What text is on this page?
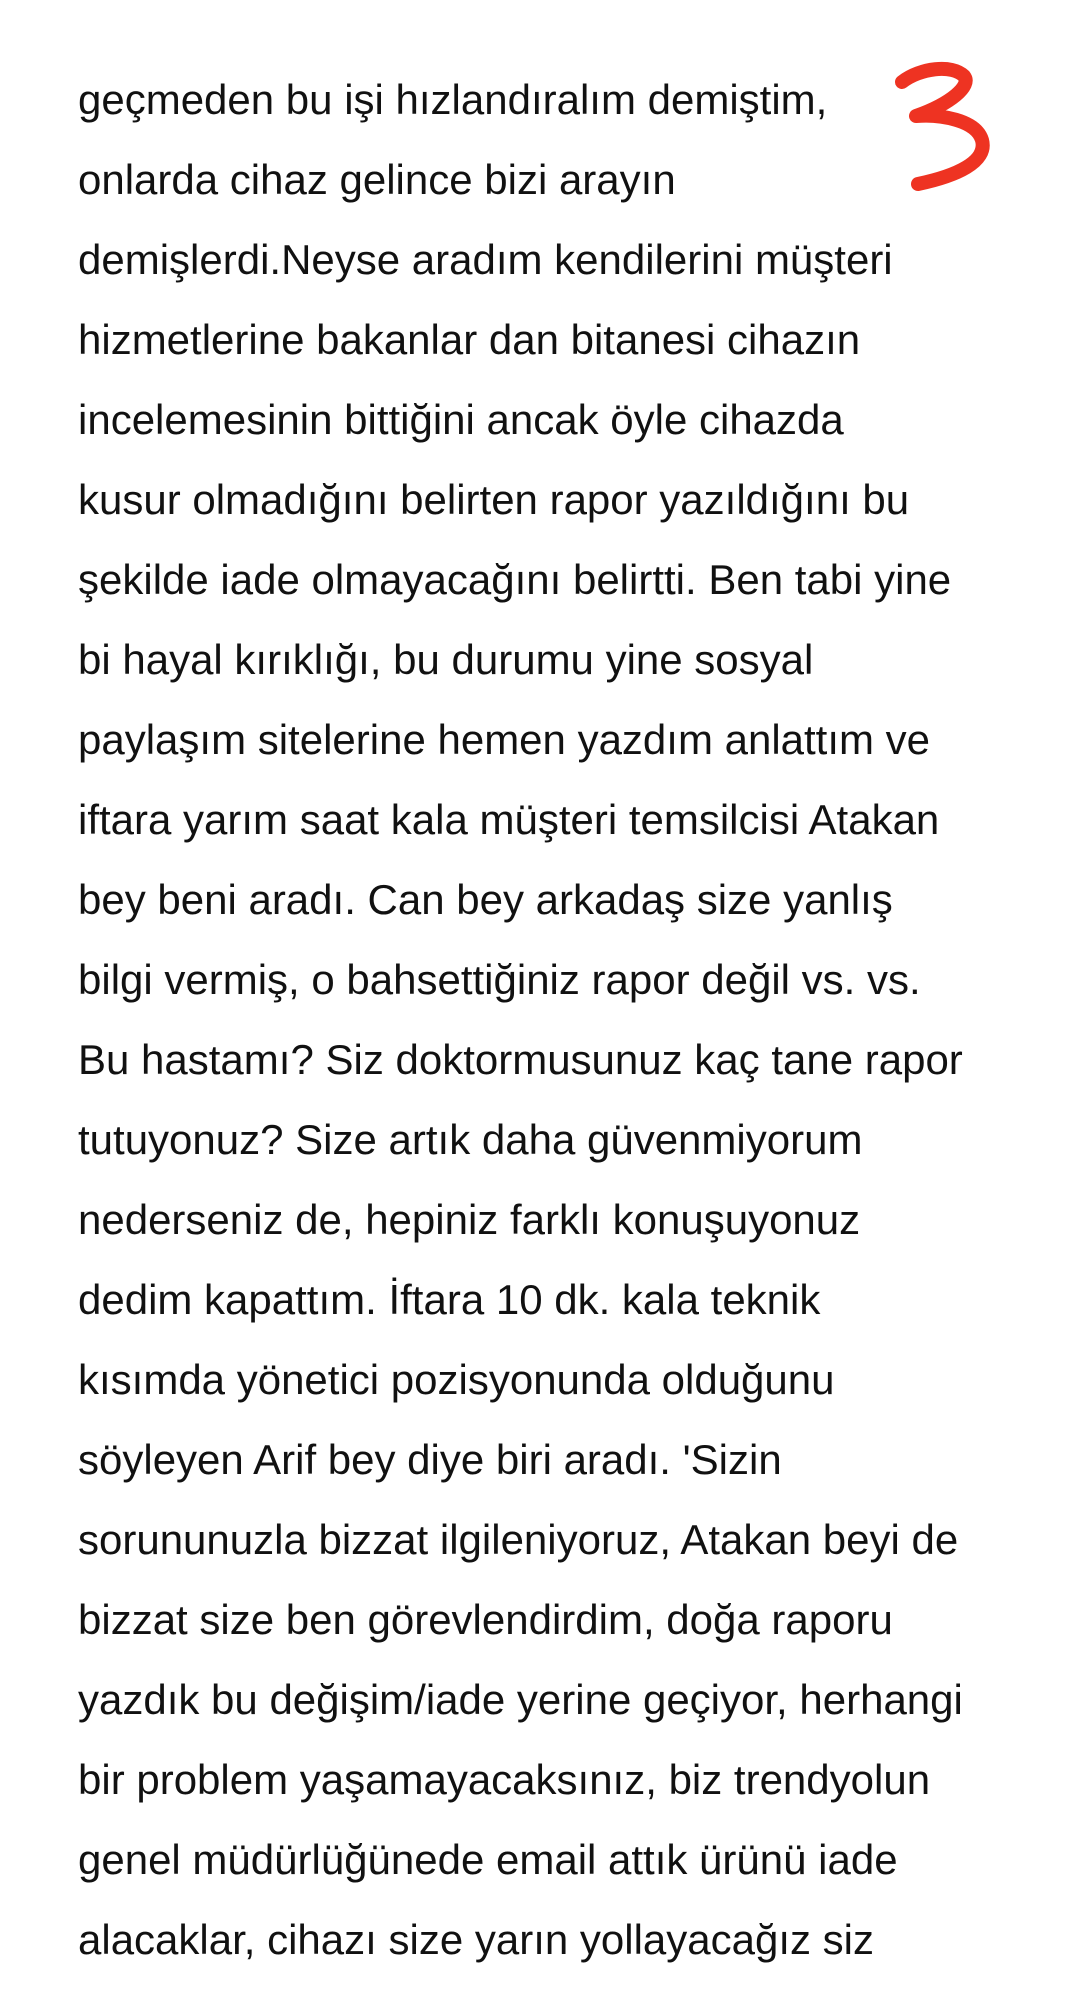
geçmeden bu işi hızlandıralım demiştim,
onlarda cihaz gelince bizi arayın
demişlerdi.Neyse aradım kendilerini müşteri
hizmetlerine bakanlar dan bitanesi cihazın
incelemesinin bittiğini ancak öyle cihazda
kusur olmadığını belirten rapor yazıldığını bu
şekilde iade olmayacağını belirtti. Ben tabi yine
bi hayal kırıklığı, bu durumu yine sosyal
paylaşım sitelerine hemen yazdım anlattım ve
iftara yarım saat kala müşteri temsilcisi Atakan
bey beni aradı. Can bey arkadaş size yanlış
bilgi vermiş, o bahsettiğiniz rapor değil vs. vs.
Bu hastamı? Siz doktormusunuz kaç tane rapor
tutuyonuz? Size artık daha güvenmiyorum
nederseniz de, hepiniz farklı konuşuyonuz
dedim kapattım. İftara 10 dk. kala teknik
kısımda yönetici pozisyonunda olduğunu
söyleyen Arif bey diye biri aradı. 'Sizin
sorununuzla bizzat ilgileniyoruz, Atakan beyi de
bizzat size ben görevlendirdim, doğa raporu
yazdık bu değişim/iade yerine geçiyor, herhangi
bir problem yaşamayacaksınız, biz trendyolun
genel müdürlüğünede email attık ürünü iade
alacaklar, cihazı size yarın yollayacağız siz
